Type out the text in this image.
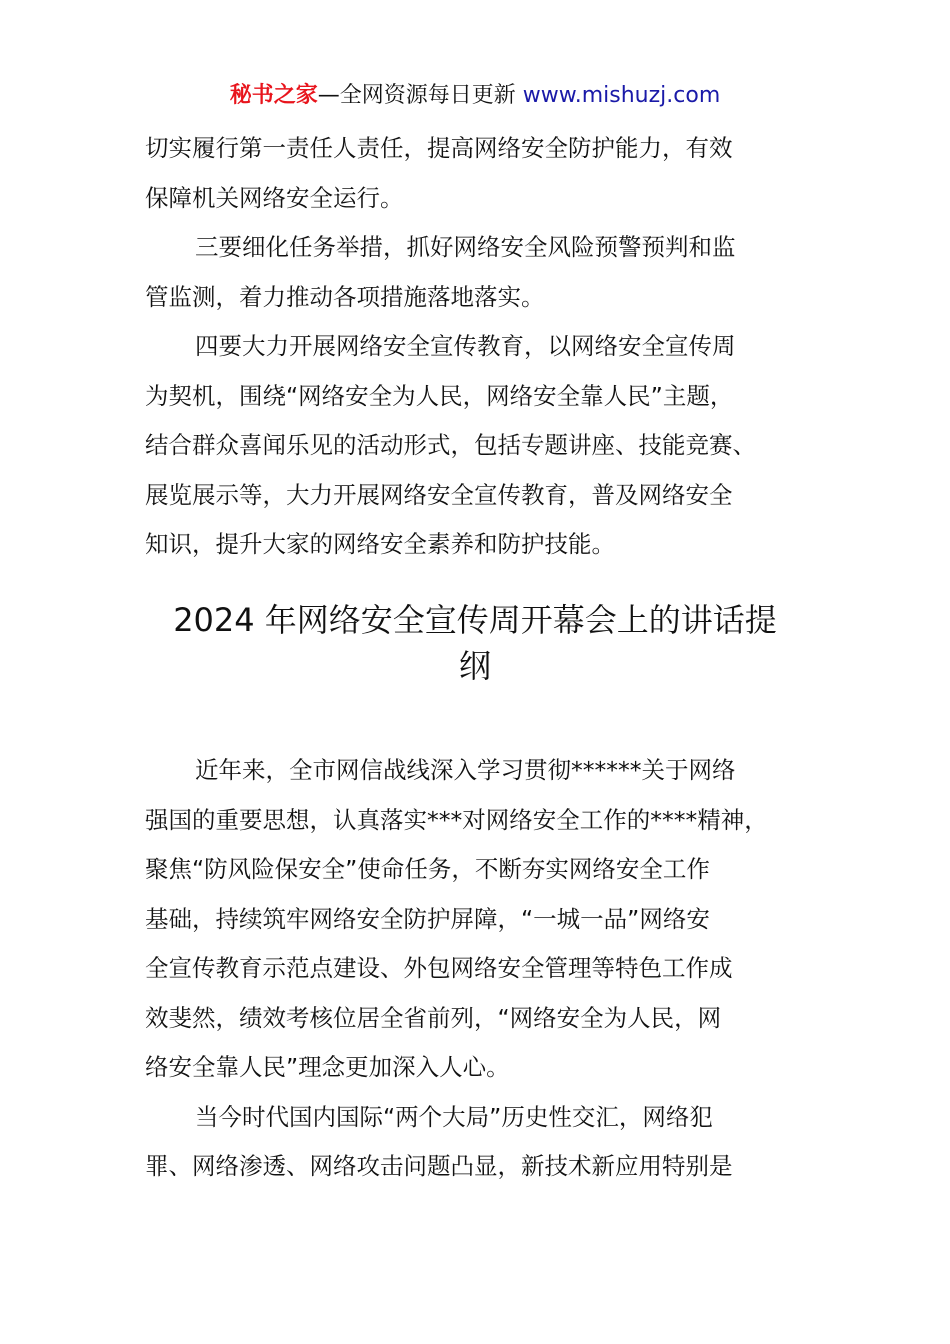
秘书之家—全网资源每日更新 www.mishuzj.com

切实履行第一责任人责任，提高网络安全防护能力，有效

保障机关网络安全运行。

三要细化任务举措，抓好网络安全风险预警预判和监

管监测，着力推动各项措施落地落实。

四要大力开展网络安全宣传教育，以网络安全宣传周

为契机，围绕“网络安全为人民，网络安全靠人民”主题，

结合群众喜闻乐见的活动形式，包括专题讲座、技能竞赛、

展览展示等，大力开展网络安全宣传教育，普及网络安全

知识，提升大家的网络安全素养和防护技能。

2024 年网络安全宣传周开幕会上的讲话提
纲

近年来，全市网信战线深入学习贯彻******关于网络

强国的重要思想，认真落实***对网络安全工作的****精神，

聚焦“防风险保安全”使命任务，不断夯实网络安全工作

基础，持续筑牢网络安全防护屏障，“一城一品”网络安

全宣传教育示范点建设、外包网络安全管理等特色工作成

效斐然，绩效考核位居全省前列，“网络安全为人民，网

络安全靠人民”理念更加深入人心。

当今时代国内国际“两个大局”历史性交汇，网络犯

罪、网络渗透、网络攻击问题凸显，新技术新应用特别是
